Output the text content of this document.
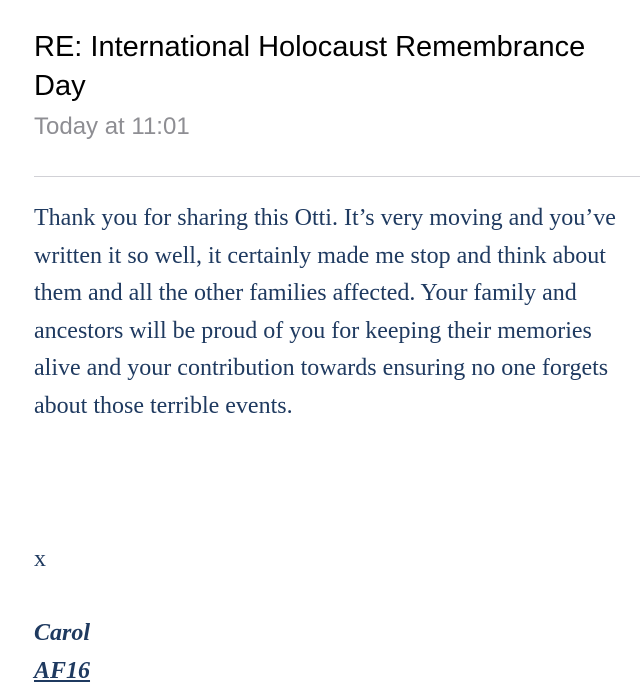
RE: International Holocaust Remembrance Day
Today at 11:01

Thank you for sharing this Otti. It’s very moving and you’ve written it so well, it certainly made me stop and think about them and all the other families affected. Your family and ancestors will be proud of you for keeping their memories alive and your contribution towards ensuring no one forgets about those terrible events.

x
Carol
AF16
